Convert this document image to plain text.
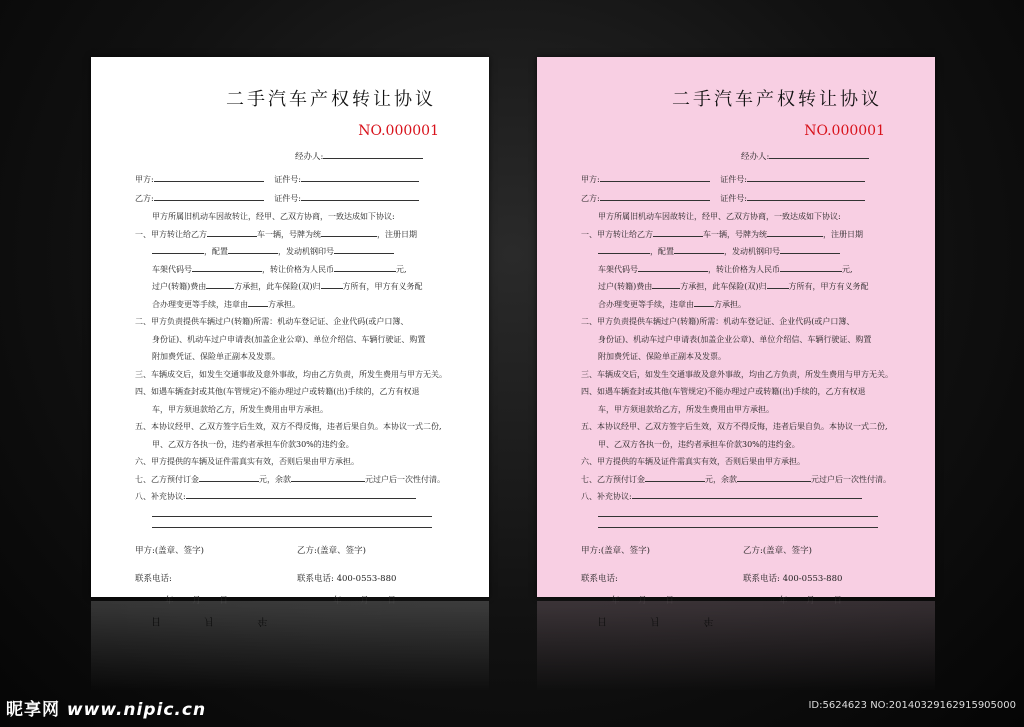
二手汽车产权转让协议
NO.000001
经办人:
甲方:	证件号:
乙方:	证件号:
甲方所属旧机动车因故转让，经甲、乙双方协商，一致达成如下协议:
一、甲方转让给乙方	车一辆，号牌为统	，注册日期
，配置	，发动机钢印号
车架代码号	，转让价格为人民币	元,
过户(转籍)费由	方承担，此车保险(双)归	方所有，甲方有义务配
合办理变更等手续，违章由	方承担。
二、甲方负责提供车辆过户(转籍)所需：机动车登记证、企业代码(或户口簿、
身份证)、机动车过户申请表(加盖企业公章)、单位介绍信、车辆行驶证、购置
附加费凭证、保险单正副本及发票。
三、车辆成交后，如发生交通事故及意外事故，均由乙方负责，所发生费用与甲方无关。
四、如遇车辆查封或其他(车管规定)不能办理过户或转籍(出)手续的，乙方有权退
车，甲方须退款给乙方，所发生费用由甲方承担。
五、本协议经甲、乙双方签字后生效，双方不得反悔，违者后果自负。本协议一式二份,
甲、乙双方各执一份，违约者承担车价款30%的违约金。
六、甲方提供的车辆及证件需真实有效，否则后果由甲方承担。
七、乙方预付订金	元，余款	元过户后一次性付清。
八、补充协议:
甲方:(盖章、签字)	乙方:(盖章、签字)
联系电话:	联系电话: 400-0553-880
年 月 日	年 月 日
二手汽车产权转让协议
NO.000001
经办人:
甲方:	证件号:
乙方:	证件号:
甲方所属旧机动车因故转让，经甲、乙双方协商，一致达成如下协议:
一、甲方转让给乙方	车一辆，号牌为统	，注册日期
，配置	，发动机钢印号
车架代码号	，转让价格为人民币	元,
过户(转籍)费由	方承担，此车保险(双)归	方所有，甲方有义务配
合办理变更等手续，违章由	方承担。
二、甲方负责提供车辆过户(转籍)所需：机动车登记证、企业代码(或户口簿、
身份证)、机动车过户申请表(加盖企业公章)、单位介绍信、车辆行驶证、购置
附加费凭证、保险单正副本及发票。
三、车辆成交后，如发生交通事故及意外事故，均由乙方负责，所发生费用与甲方无关。
四、如遇车辆查封或其他(车管规定)不能办理过户或转籍(出)手续的，乙方有权退
车，甲方须退款给乙方，所发生费用由甲方承担。
五、本协议经甲、乙双方签字后生效，双方不得反悔，违者后果自负。本协议一式二份,
甲、乙双方各执一份，违约者承担车价款30%的违约金。
六、甲方提供的车辆及证件需真实有效，否则后果由甲方承担。
七、乙方预付订金	元，余款	元过户后一次性付清。
八、补充协议:
甲方:(盖章、签字)	乙方:(盖章、签字)
联系电话:	联系电话: 400-0553-880
年 月 日	年 月 日
日 月 年	日 月 年
昵享网 www.nipic.cn	ID:5624623 NO:20140329162915905000
